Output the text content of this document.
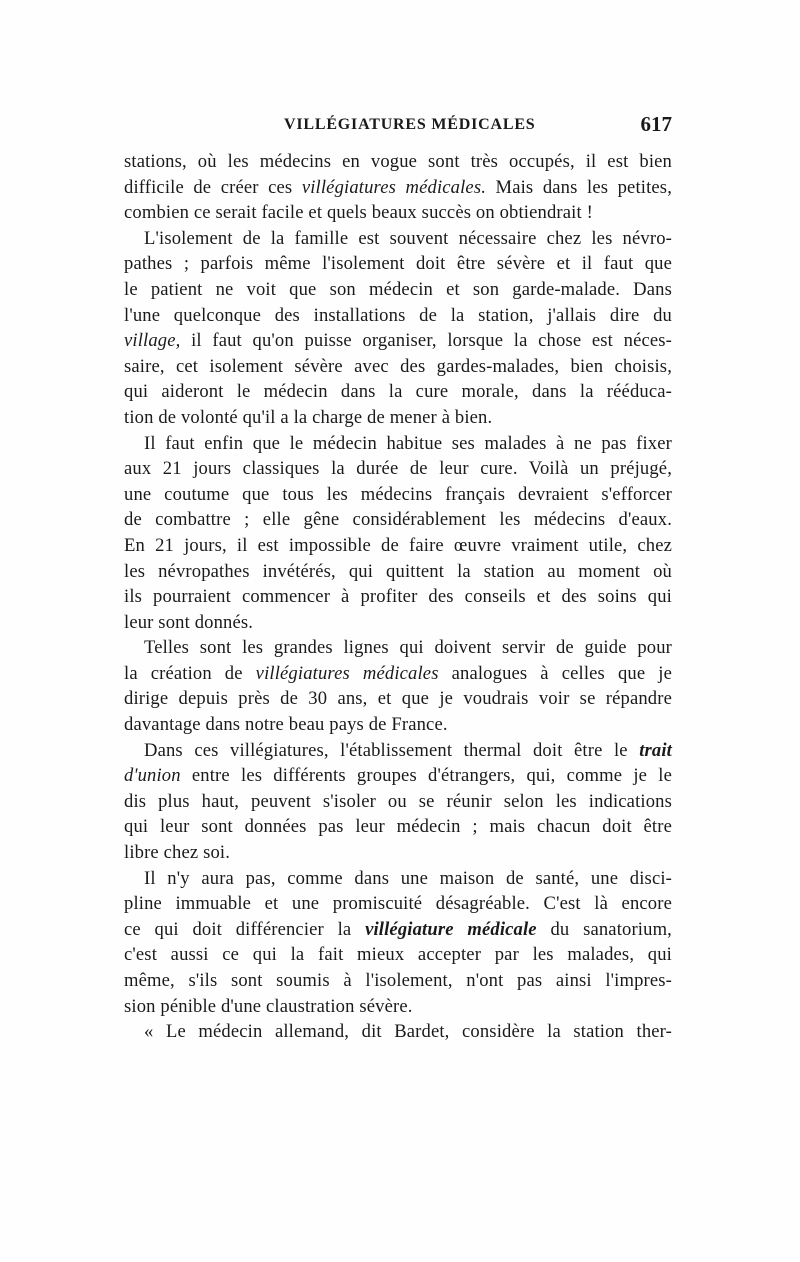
VILLÉGIATURES MÉDICALES	617
stations, où les médecins en vogue sont très occupés, il est bien
difficile de créer ces villégiatures médicales. Mais dans les petites,
combien ce serait facile et quels beaux succès on obtiendrait !
L'isolement de la famille est souvent nécessaire chez les névro-
pathes ; parfois même l'isolement doit être sévère et il faut que
le patient ne voit que son médecin et son garde-malade. Dans
l'une quelconque des installations de la station, j'allais dire du
village, il faut qu'on puisse organiser, lorsque la chose est néces-
saire, cet isolement sévère avec des gardes-malades, bien choisis,
qui aideront le médecin dans la cure morale, dans la rééduca-
tion de volonté qu'il a la charge de mener à bien.
Il faut enfin que le médecin habitue ses malades à ne pas fixer
aux 21 jours classiques la durée de leur cure. Voilà un préjugé,
une coutume que tous les médecins français devraient s'efforcer
de combattre ; elle gêne considérablement les médecins d'eaux.
En 21 jours, il est impossible de faire œuvre vraiment utile, chez
les névropathes invétérés, qui quittent la station au moment où
ils pourraient commencer à profiter des conseils et des soins qui
leur sont donnés.
Telles sont les grandes lignes qui doivent servir de guide pour
la création de villégiatures médicales analogues à celles que je
dirige depuis près de 30 ans, et que je voudrais voir se répandre
davantage dans notre beau pays de France.
Dans ces villégiatures, l'établissement thermal doit être le trait
d'union entre les différents groupes d'étrangers, qui, comme je le
dis plus haut, peuvent s'isoler ou se réunir selon les indications
qui leur sont données pas leur médecin ; mais chacun doit être
libre chez soi.
Il n'y aura pas, comme dans une maison de santé, une disci-
pline immuable et une promiscuité désagréable. C'est là encore
ce qui doit différencier la villégiature médicale du sanatorium,
c'est aussi ce qui la fait mieux accepter par les malades, qui
même, s'ils sont soumis à l'isolement, n'ont pas ainsi l'impres-
sion pénible d'une claustration sévère.
« Le médecin allemand, dit Bardet, considère la station ther-
